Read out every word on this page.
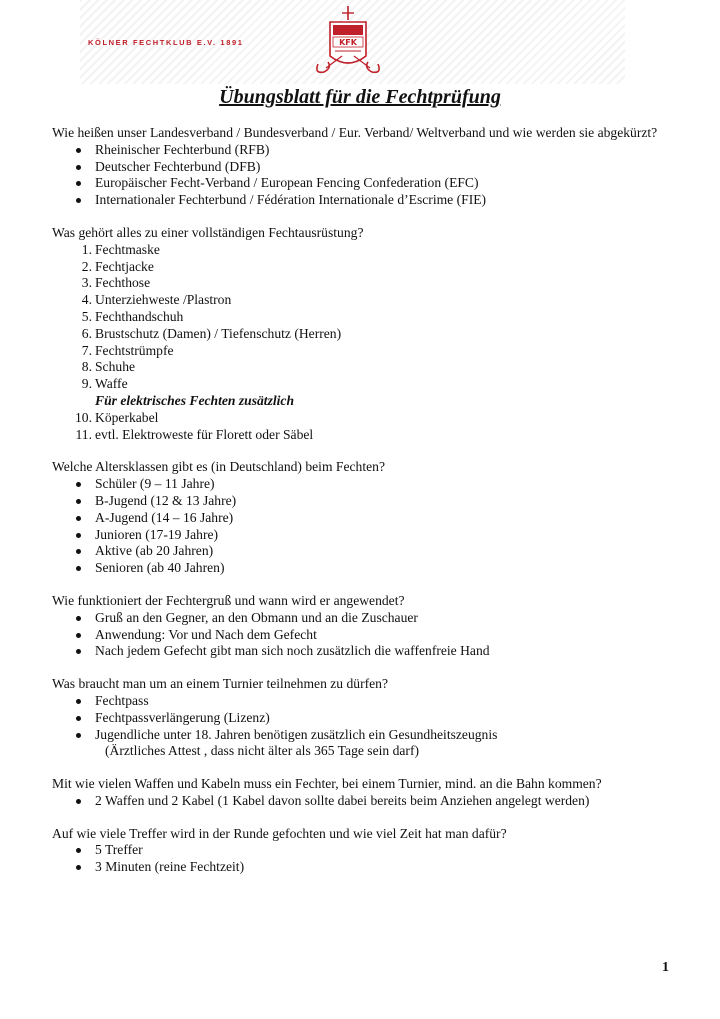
KÖLNER FECHTKLUB E.V. 1891	KFK
Übungsblatt für die Fechtprüfung

Wie heißen unser Landesverband / Bundesverband / Eur. Verband/ Weltverband und wie werden sie abgekürzt?

Rheinischer Fechterbund (RFB)
Deutscher Fechterbund (DFB)
Europäischer Fecht-Verband / European Fencing Confederation (EFC)
Internationaler Fechterbund / Fédération Internationale d’Escrime (FIE)

Was gehört alles zu einer vollständigen Fechtausrüstung?

1. Fechtmaske
2. Fechtjacke
3. Fechthose
4. Unterziehweste /Plastron
5. Fechthandschuh
6. Brustschutz (Damen) / Tiefenschutz (Herren)
7. Fechtstrümpfe
8. Schuhe
9. Waffe
Für elektrisches Fechten zusätzlich
10. Köperkabel
11. evtl. Elektroweste für Florett oder Säbel

Welche Altersklassen gibt es (in Deutschland) beim Fechten?

Schüler (9 – 11 Jahre)
B-Jugend (12 & 13 Jahre)
A-Jugend (14 – 16 Jahre)
Junioren (17-19 Jahre)
Aktive (ab 20 Jahren)
Senioren (ab 40 Jahren)

Wie funktioniert der Fechtergruß und wann wird er angewendet?

Gruß an den Gegner, an den Obmann und an die Zuschauer
Anwendung: Vor und Nach dem Gefecht
Nach jedem Gefecht gibt man sich noch zusätzlich die waffenfreie Hand

Was braucht man um an einem Turnier teilnehmen zu dürfen?

Fechtpass
Fechtpassverlängerung (Lizenz)
Jugendliche unter 18. Jahren benötigen zusätzlich ein Gesundheitszeugnis
(Ärztliches Attest , dass nicht älter als 365 Tage sein darf)

Mit wie vielen Waffen und Kabeln muss ein Fechter, bei einem Turnier, mind. an die Bahn kommen?

2 Waffen und 2 Kabel (1 Kabel davon sollte dabei bereits beim Anziehen angelegt werden)

Auf wie viele Treffer wird in der Runde gefochten und wie viel Zeit hat man dafür?

5 Treffer
3 Minuten (reine Fechtzeit)
1
